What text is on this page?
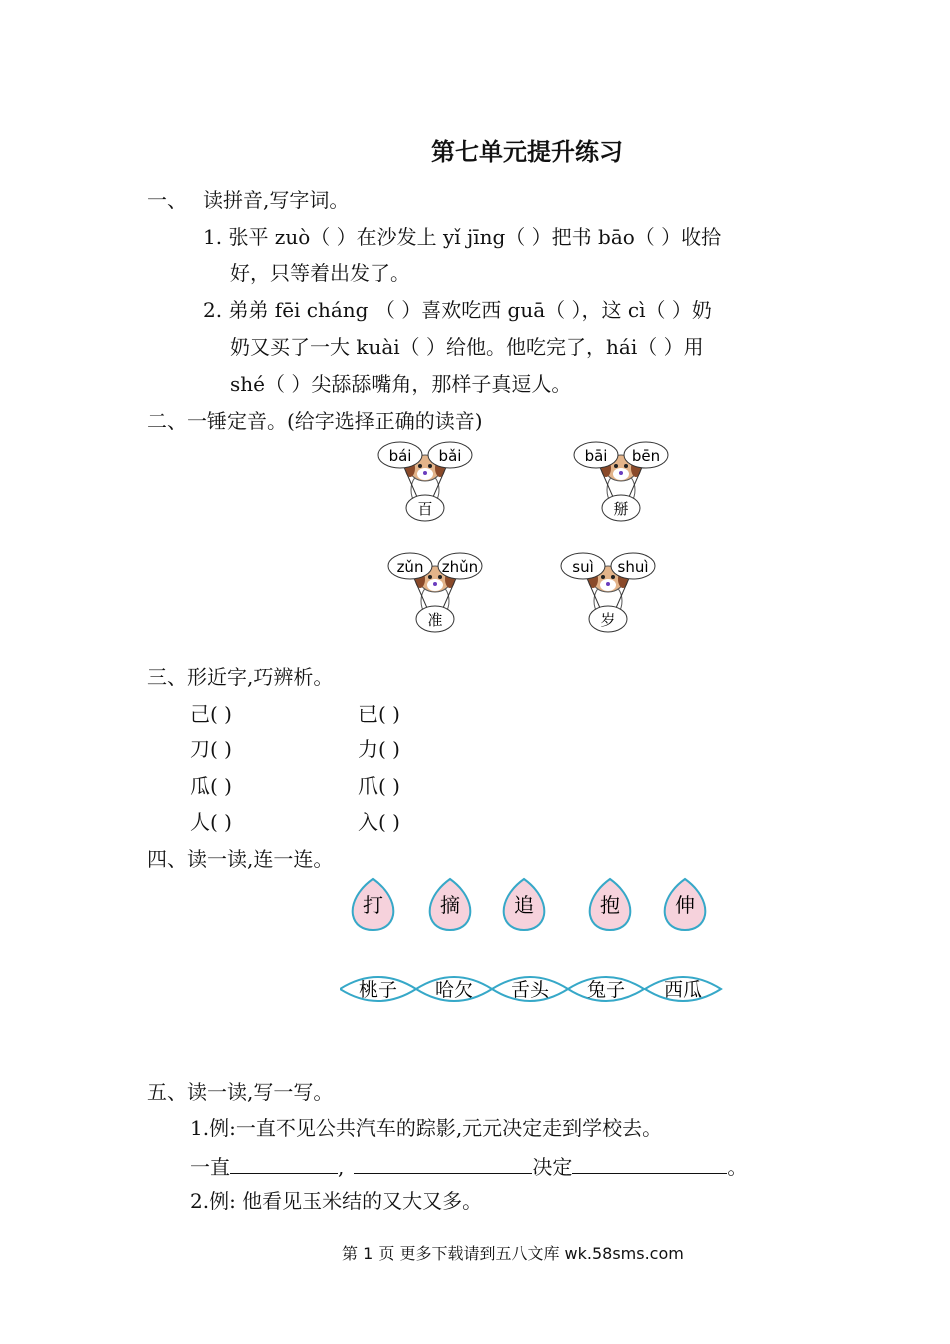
第七单元提升练习
一、 读拼音,写字词。
1. 张平 zuò（ ）在沙发上 yǐ jīng（ ）把书 bāo（ ）收拾
好，只等着出发了。
2. 弟弟 fēi cháng （ ）喜欢吃西 guā（ ），这 cì（ ）奶
奶又买了一大 kuài（ ）给他。他吃完了，hái（ ）用
shé（ ）尖舔舔嘴角，那样子真逗人。
二、一锤定音。(给字选择正确的读音)
bái bǎi
百
bāi bēn
掰
zǔn zhǔn
准
suì shuì
岁
三、形近字,巧辨析。
己( )	已( )
刀( )	力( )
瓜( )	爪( )
人( )	入( )
四、读一读,连一连。
打	摘	追	抱	伸
桃子 哈欠 舌头 兔子 西瓜
五、读一读,写一写。
1.例:一直不见公共汽车的踪影,元元决定走到学校去。
一直	,	决定	。
2.例: 他看见玉米结的又大又多。
第 1 页 更多下载请到五八文库 wk.58sms.com
